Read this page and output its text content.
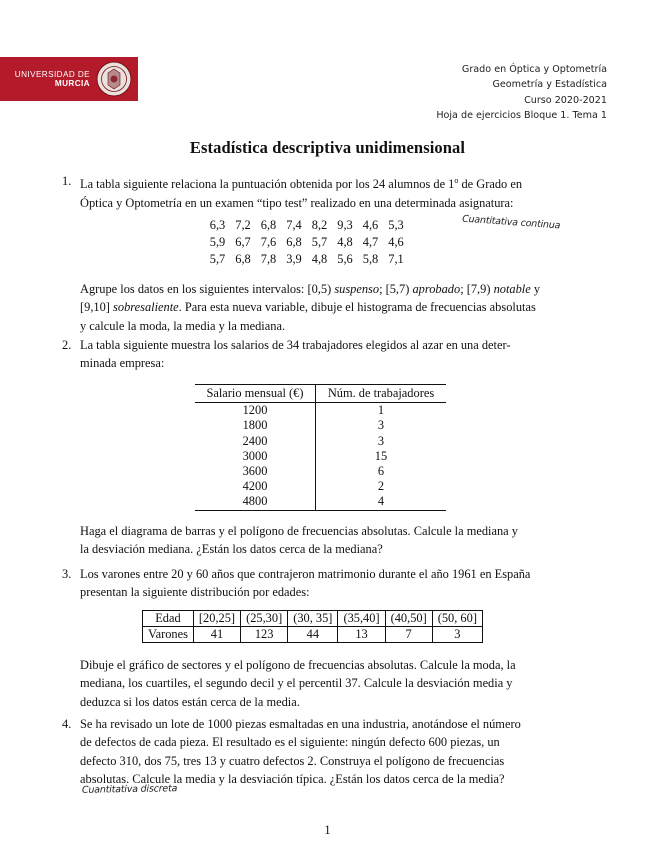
UNIVERSIDAD DE
MURCIA
Grado en Óptica y Optometría
Geometría y Estadística
Curso 2020-2021
Hoja de ejercicios Bloque 1. Tema 1
Estadística descriptiva unidimensional
1. La tabla siguiente relaciona la puntuación obtenida por los 24 alumnos de 1$^o$ de Grado en
Óptica y Optometría en un examen “tipo test” realizado en una determinada asignatura:
6,3 7,2 6,8 7,4 8,2 9,3 4,6 5,3
5,9 6,7 7,6 6,8 5,7 4,8 4,7 4,6
5,7 6,8 7,8 3,9 4,8 5,6 5,8 7,1
Cuantitativa continua
Agrupe los datos en los siguientes intervalos: [0,5) suspenso; [5,7) aprobado; [7,9) notable y
[9,10] sobresaliente. Para esta nueva variable, dibuje el histograma de frecuencias absolutas
y calcule la moda, la media y la mediana.
2. La tabla siguiente muestra los salarios de 34 trabajadores elegidos al azar en una deter-
minada empresa:
Salario mensual (€)	Núm. de trabajadores
1200	1
1800	3
2400	3
3000	15
3600	6
4200	2
4800	4
Haga el diagrama de barras y el polígono de frecuencias absolutas. Calcule la mediana y
la desviación mediana. ¿Están los datos cerca de la mediana?
3. Los varones entre 20 y 60 años que contrajeron matrimonio durante el año 1961 en España
presentan la siguiente distribución por edades:
Edad	[20,25]	(25,30]	(30, 35]	(35,40]	(40,50]	(50, 60]
Varones	41	123	44	13	7	3
Dibuje el gráfico de sectores y el polígono de frecuencias absolutas. Calcule la moda, la
mediana, los cuartiles, el segundo decil y el percentil 37. Calcule la desviación media y
deduzca si los datos están cerca de la media.
4. Se ha revisado un lote de 1000 piezas esmaltadas en una industria, anotándose el número
de defectos de cada pieza. El resultado es el siguiente: ningún defecto 600 piezas, un
defecto 310, dos 75, tres 13 y cuatro defectos 2. Construya el polígono de frecuencias
absolutas. Calcule la media y la desviación típica. ¿Están los datos cerca de la media?
Cuantitativa discreta
1
